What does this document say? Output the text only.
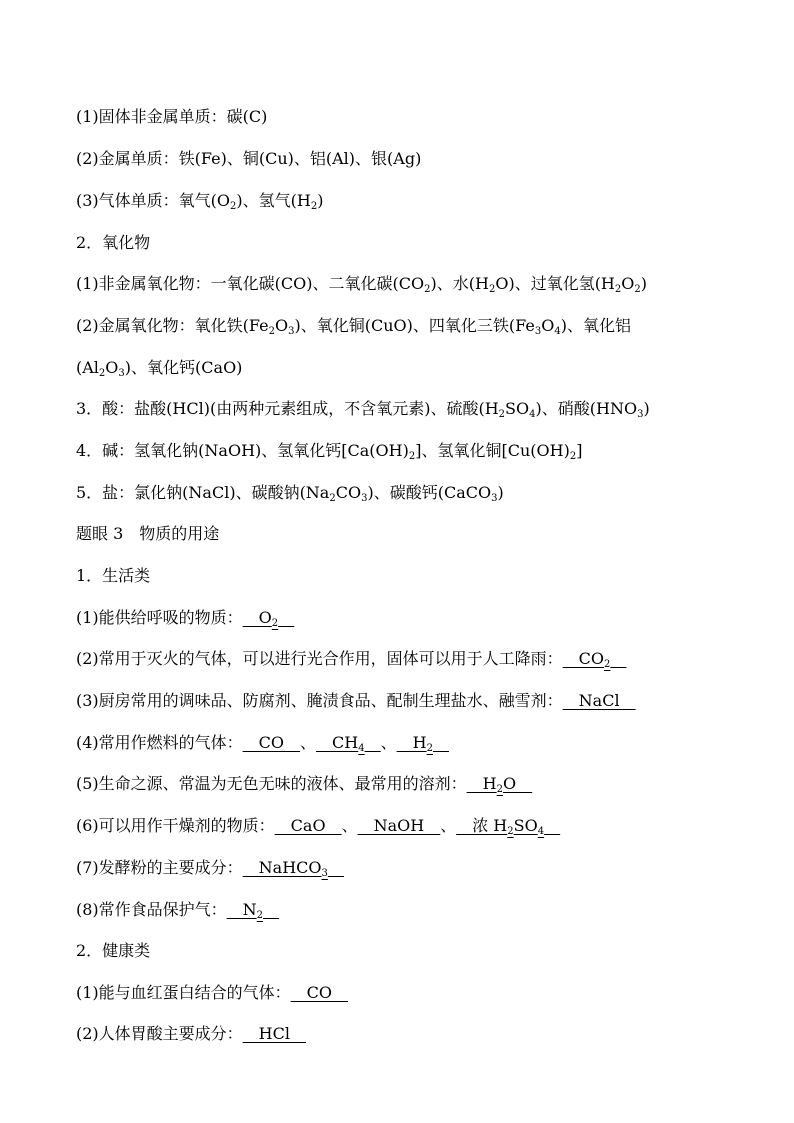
(1)固体非金属单质：碳(C)
(2)金属单质：铁(Fe)、铜(Cu)、铝(Al)、银(Ag)
(3)气体单质：氧气$(O_2)$、氢气$(H_2)$
2．氧化物
(1)非金属氧化物：一氧化碳(CO)、二氧化碳$(CO_2)$、水$(H_2O)$、过氧化氢$(H_2O_2)$
(2)金属氧化物：氧化铁$(Fe_2O_3)$、氧化铜(CuO)、四氧化三铁$(Fe_3O_4)$、氧化铝
$(Al_2O_3)$、氧化钙(CaO)
3．酸：盐酸(HCl)(由两种元素组成，不含氧元素)、硫酸$(H_2SO_4)$、硝酸$(HNO_3)$
4．碱：氢氧化钠(NaOH)、氢氧化钙$[Ca(OH)_2]$、氢氧化铜$[Cu(OH)_2]$
5．盐：氯化钠(NaCl)、碳酸钠$(Na_2CO_3)$、碳酸钙(CaCO$_3$)
题眼 3　物质的用途
1．生活类
(1)能供给呼吸的物质：$\_\_O_2\_\_$
(2)常用于灭火的气体，可以进行光合作用，固体可以用于人工降雨：$\_\_CO_2\_\_$
(3)厨房常用的调味品、防腐剂、腌渍食品、配制生理盐水、融雪剂：__NaCl__
(4)常用作燃料的气体：__CO__、$\_\_CH_4\_\_$、$\_\_H_2\_\_$
(5)生命之源、常温为无色无味的液体、最常用的溶剂：$\_\_H_2O\_\_$
(6)可以用作干燥剂的物质：__CaO__、__NaOH__、__浓 $H_2SO_4\_\_$
(7)发酵粉的主要成分：__NaHCO$_3$__
(8)常作食品保护气：$\_\_N_2\_\_$
2．健康类
(1)能与血红蛋白结合的气体：__CO__
(2)人体胃酸主要成分：__HCl__
